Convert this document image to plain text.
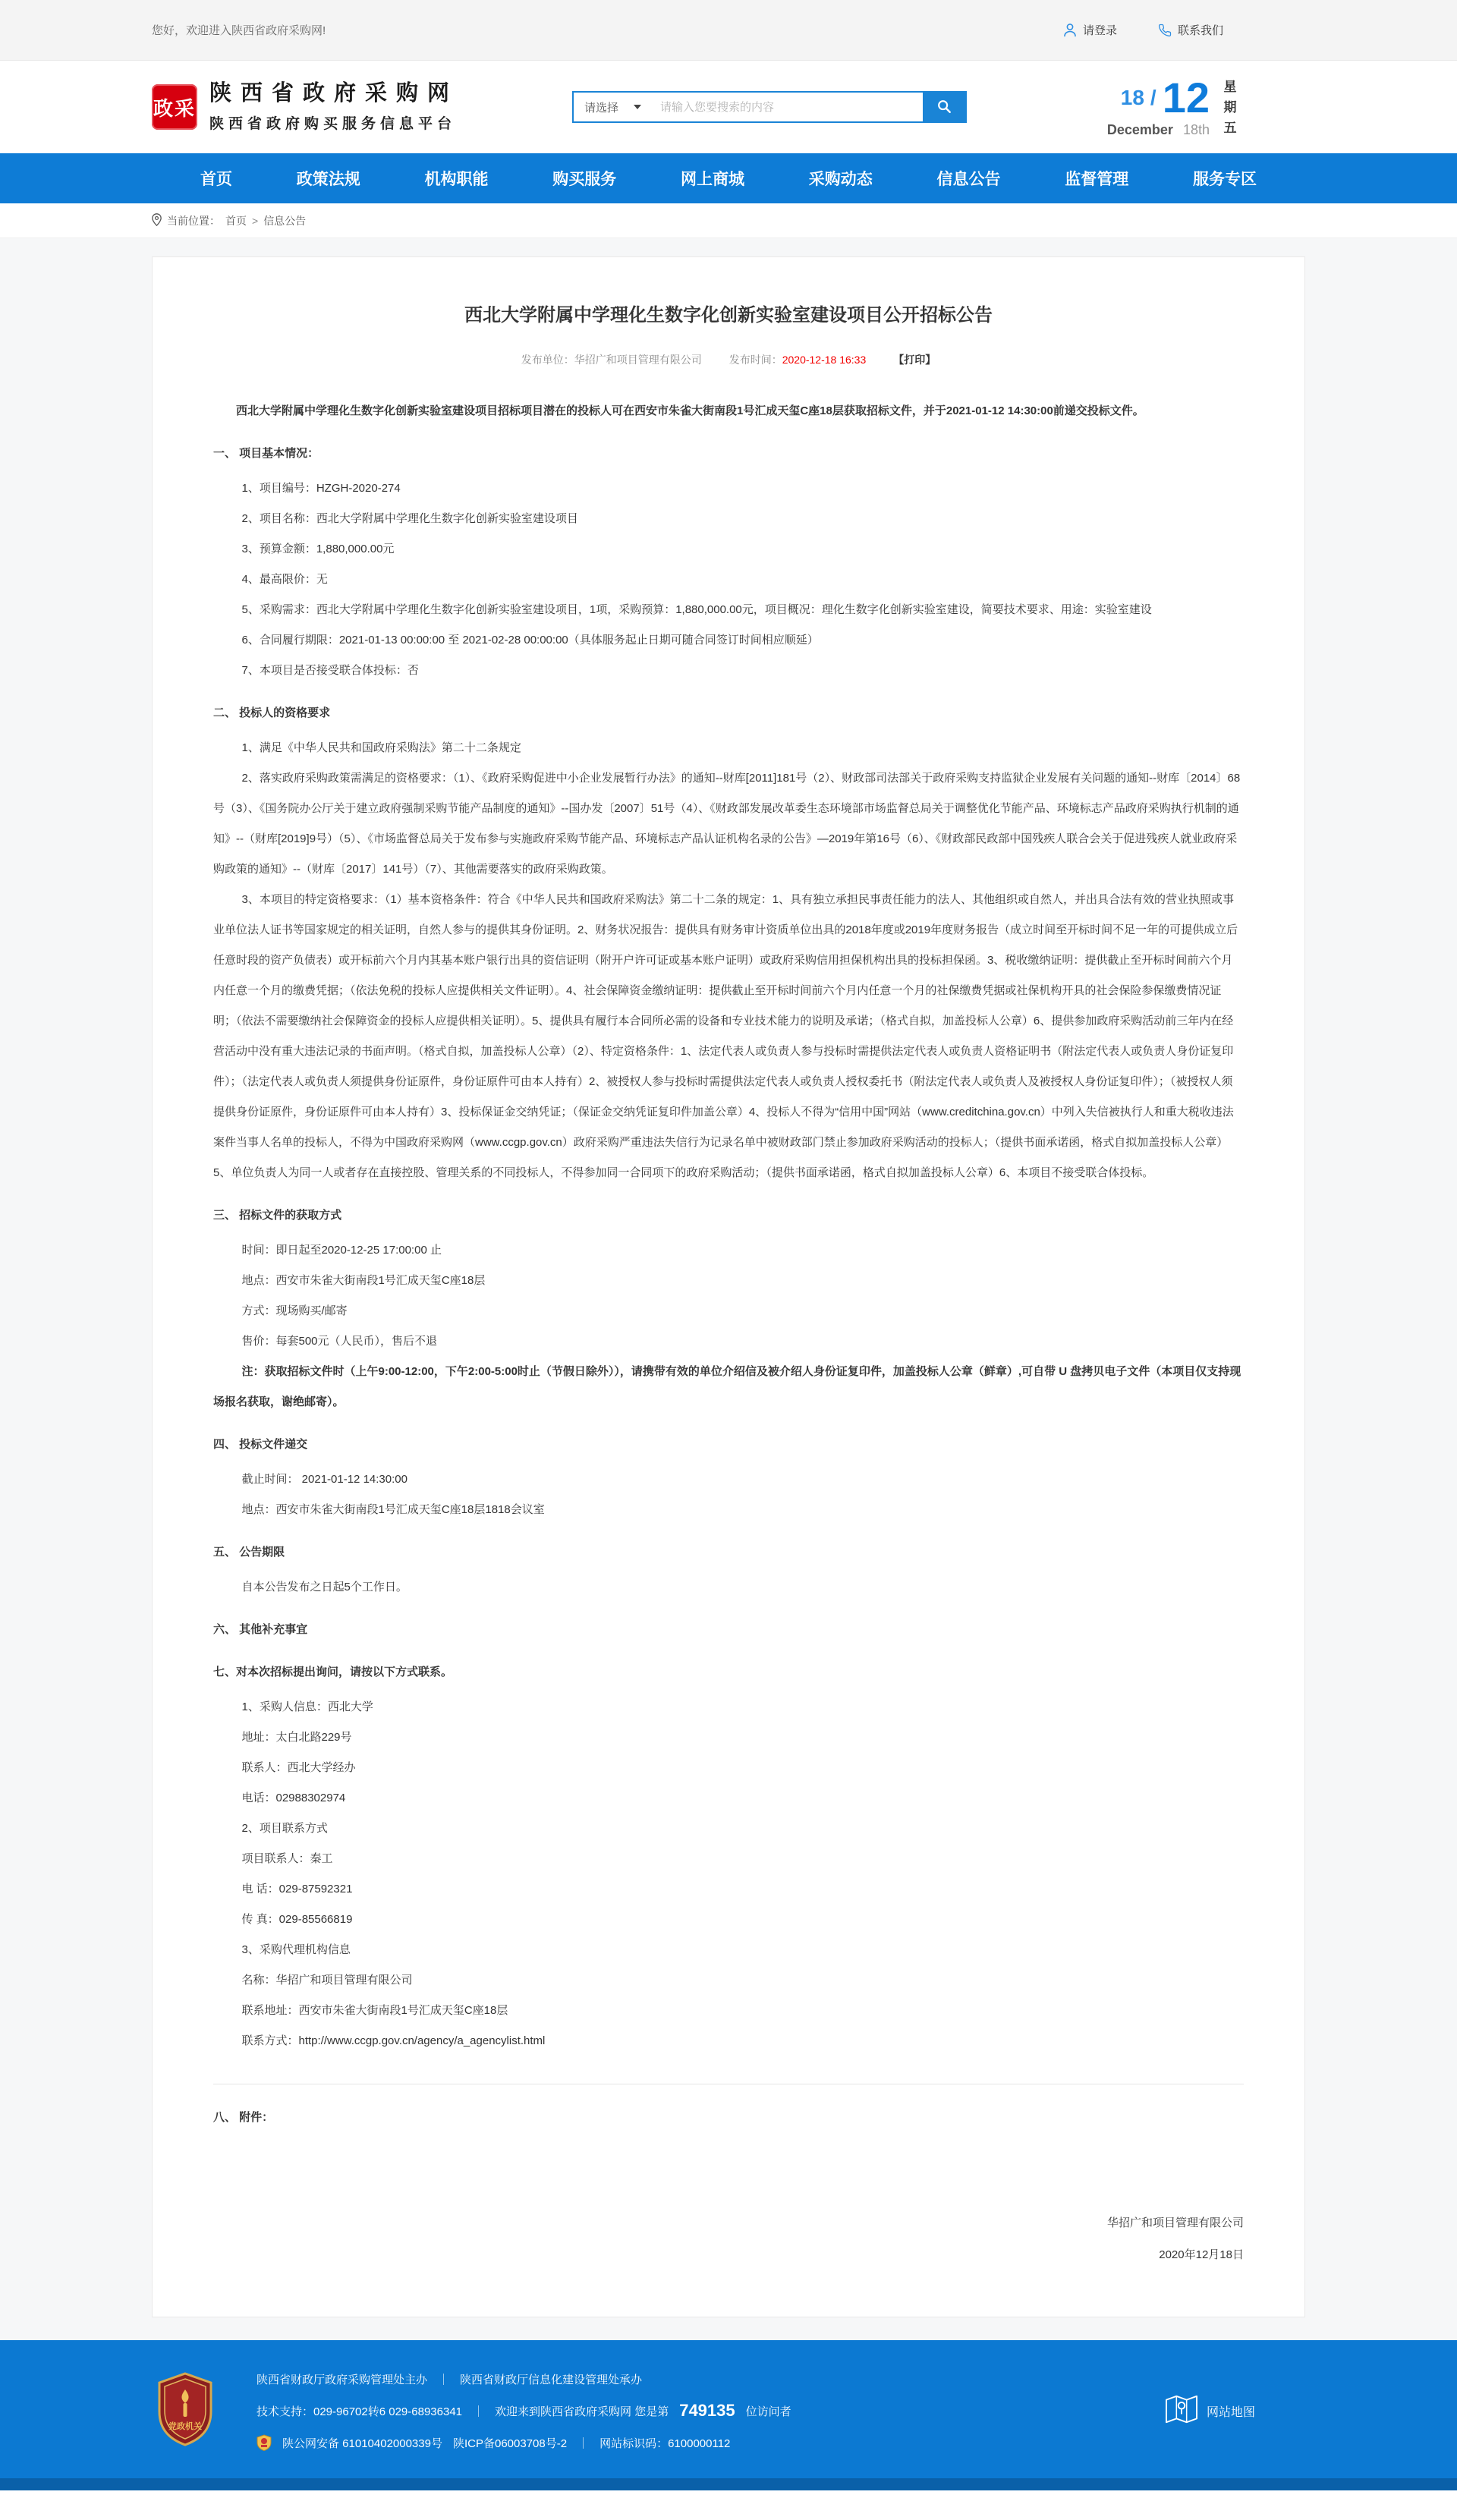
您好，欢迎进入陕西省政府采购网!	请登录	联系我们
政采
陕西省政府采购网
陕西省政府购买服务信息平台
请选择
请输入您要搜索的内容	18 / 12
December 18th
星期五
首页	政策法规	机构职能	购买服务	网上商城	采购动态	信息公告	监督管理	服务专区
当前位置： 首页 > 信息公告
西北大学附属中学理化生数字化创新实验室建设项目公开招标公告
发布单位：华招广和项目管理有限公司	发布时间：2020-12-18 16:33	【打印】

西北大学附属中学理化生数字化创新实验室建设项目招标项目潜在的投标人可在西安市朱雀大街南段1号汇成天玺C座18层获取招标文件，并于2021-01-12 14:30:00前递交投标文件。

一、 项目基本情况：

1、项目编号：HZGH-2020-274

2、项目名称：西北大学附属中学理化生数字化创新实验室建设项目

3、预算金额：1,880,000.00元

4、最高限价：无

5、采购需求：西北大学附属中学理化生数字化创新实验室建设项目，1项，采购预算：1,880,000.00元，项目概况：理化生数字化创新实验室建设，简要技术要求、用途：实验室建设

6、合同履行期限：2021-01-13 00:00:00 至 2021-02-28 00:00:00（具体服务起止日期可随合同签订时间相应顺延）

7、本项目是否接受联合体投标：否

二、 投标人的资格要求

1、满足《中华人民共和国政府采购法》第二十二条规定

2、落实政府采购政策需满足的资格要求：（1）、《政府采购促进中小企业发展暂行办法》的通知--财库[2011]181号（2）、财政部司法部关于政府采购支持监狱企业发展有关问题的通知--财库〔2014〕68号（3）、《国务院办公厅关于建立政府强制采购节能产品制度的通知》--国办发〔2007〕51号（4）、《财政部发展改革委生态环境部市场监督总局关于调整优化节能产品、环境标志产品政府采购执行机制的通知》--（财库[2019]9号）（5）、《市场监督总局关于发布参与实施政府采购节能产品、环境标志产品认证机构名录的公告》—2019年第16号（6）、《财政部民政部中国残疾人联合会关于促进残疾人就业政府采购政策的通知》--（财库〔2017〕141号）（7）、其他需要落实的政府采购政策。

3、本项目的特定资格要求：（1）基本资格条件：符合《中华人民共和国政府采购法》第二十二条的规定：1、具有独立承担民事责任能力的法人、其他组织或自然人，并出具合法有效的营业执照或事业单位法人证书等国家规定的相关证明，自然人参与的提供其身份证明。2、财务状况报告：提供具有财务审计资质单位出具的2018年度或2019年度财务报告（成立时间至开标时间不足一年的可提供成立后任意时段的资产负债表）或开标前六个月内其基本账户银行出具的资信证明（附开户许可证或基本账户证明）或政府采购信用担保机构出具的投标担保函。3、税收缴纳证明：提供截止至开标时间前六个月内任意一个月的缴费凭据；（依法免税的投标人应提供相关文件证明）。4、社会保障资金缴纳证明：提供截止至开标时间前六个月内任意一个月的社保缴费凭据或社保机构开具的社会保险参保缴费情况证明；（依法不需要缴纳社会保障资金的投标人应提供相关证明）。5、提供具有履行本合同所必需的设备和专业技术能力的说明及承诺；（格式自拟，加盖投标人公章）6、提供参加政府采购活动前三年内在经营活动中没有重大违法记录的书面声明。（格式自拟，加盖投标人公章）（2）、特定资格条件：1、法定代表人或负责人参与投标时需提供法定代表人或负责人资格证明书（附法定代表人或负责人身份证复印件）；（法定代表人或负责人须提供身份证原件，身份证原件可由本人持有）2、被授权人参与投标时需提供法定代表人或负责人授权委托书（附法定代表人或负责人及被授权人身份证复印件）；（被授权人须提供身份证原件，身份证原件可由本人持有）3、投标保证金交纳凭证；（保证金交纳凭证复印件加盖公章）4、投标人不得为“信用中国”网站（www.creditchina.gov.cn）中列入失信被执行人和重大税收违法案件当事人名单的投标人，不得为中国政府采购网（www.ccgp.gov.cn）政府采购严重违法失信行为记录名单中被财政部门禁止参加政府采购活动的投标人；（提供书面承诺函，格式自拟加盖投标人公章）5、单位负责人为同一人或者存在直接控股、管理关系的不同投标人，不得参加同一合同项下的政府采购活动；（提供书面承诺函，格式自拟加盖投标人公章）6、本项目不接受联合体投标。

三、 招标文件的获取方式

时间：即日起至2020-12-25 17:00:00 止

地点：西安市朱雀大街南段1号汇成天玺C座18层

方式：现场购买/邮寄

售价：每套500元（人民币），售后不退

注：获取招标文件时（上午9:00-12:00，下午2:00-5:00时止（节假日除外）），请携带有效的单位介绍信及被介绍人身份证复印件，加盖投标人公章（鲜章）,可自带 U 盘拷贝电子文件（本项目仅支持现场报名获取，谢绝邮寄）。

四、 投标文件递交

截止时间： 2021-01-12 14:30:00

地点：西安市朱雀大街南段1号汇成天玺C座18层1818会议室

五、 公告期限

自本公告发布之日起5个工作日。

六、 其他补充事宜

七、对本次招标提出询问，请按以下方式联系。

1、采购人信息：西北大学

地址：太白北路229号

联系人：西北大学经办

电话：02988302974

2、项目联系方式

项目联系人：秦工

电 话：029-87592321

传 真：029-85566819

3、采购代理机构信息

名称：华招广和项目管理有限公司

联系地址：西安市朱雀大街南段1号汇成天玺C座18层

联系方式：http://www.ccgp.gov.cn/agency/a_agencylist.html

八、 附件：

华招广和项目管理有限公司
2020年12月18日
党政机关
陕西省财政厅政府采购管理处主办 ｜ 陕西省财政厅信息化建设管理处承办
技术支持：029-96702转6 029-68936341 ｜ 欢迎来到陕西省政府采购网 您是第 749135 位访问者
陕公网安备 61010402000339号 陕ICP备06003708号-2 ｜ 网站标识码：6100000112
网站地图
